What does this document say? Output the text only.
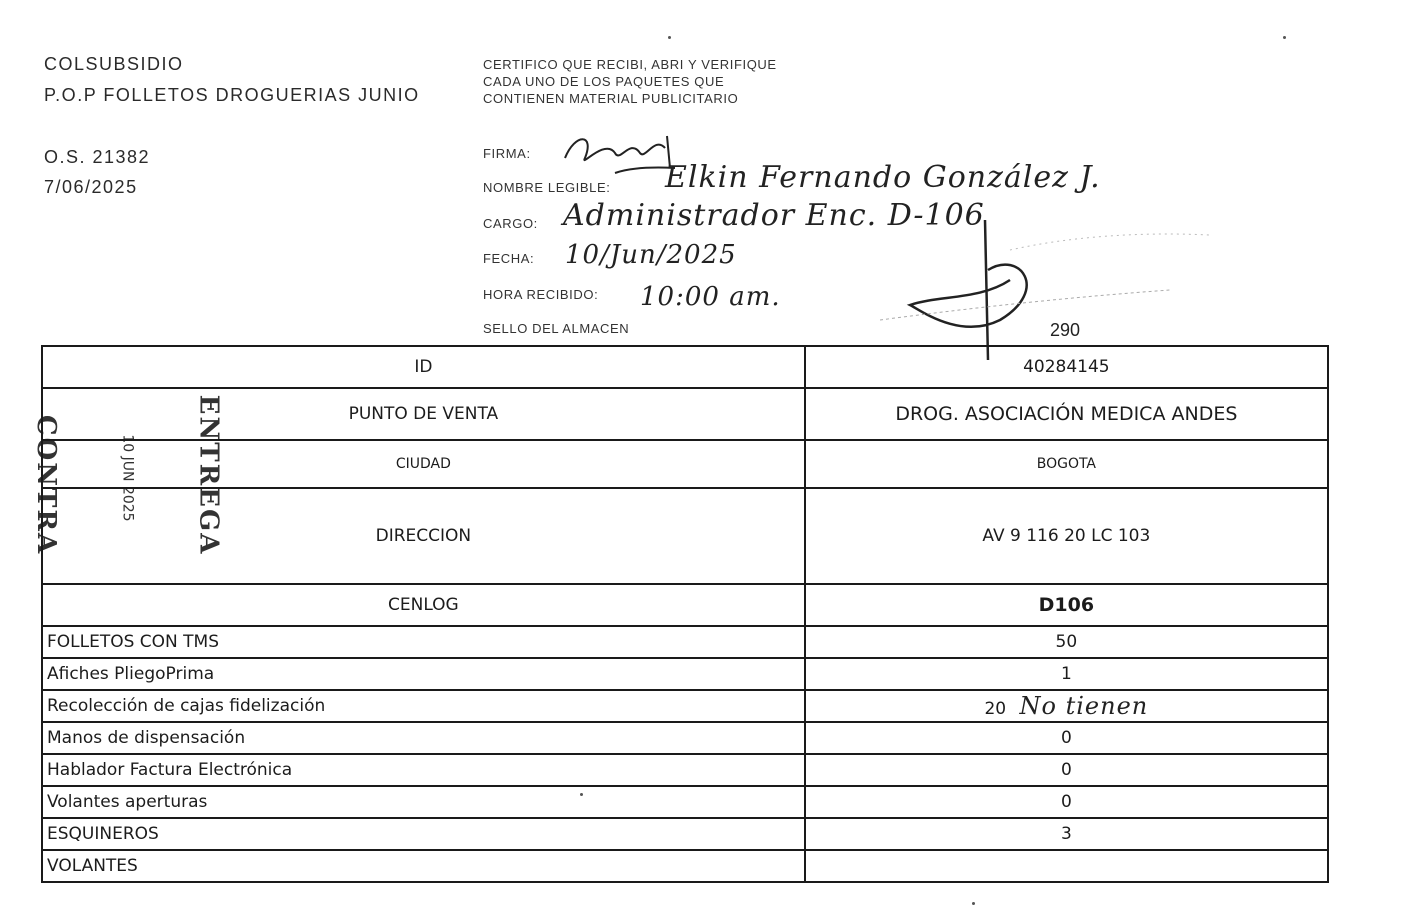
COLSUBSIDIO
P.O.P FOLLETOS DROGUERIAS JUNIO
O.S. 21382
7/06/2025
CERTIFICO QUE RECIBI, ABRI Y VERIFIQUE CADA UNO DE LOS PAQUETES QUE CONTIENEN MATERIAL PUBLICITARIO
FIRMA:
NOMBRE LEGIBLE: Elkin Fernando González J.
CARGO: Administrador Enc. D-106
FECHA: 10/Jun/2025
HORA RECIBIDO: 10:00 am.
SELLO DEL ALMACEN	290
CONTRA	10 JUN 2025 ENTREGA
ID	40284145
PUNTO DE VENTA	DROG. ASOCIACIÓN MEDICA ANDES
CIUDAD	BOGOTA
DIRECCION	AV 9 116 20 LC 103
CENLOG	D106
FOLLETOS CON TMS	50
Afiches PliegoPrima	1
Recolección de cajas fidelización	20 No tienen
Manos de dispensación	0
Hablador Factura Electrónica	0
Volantes aperturas	0
ESQUINEROS	3
VOLANTES	
